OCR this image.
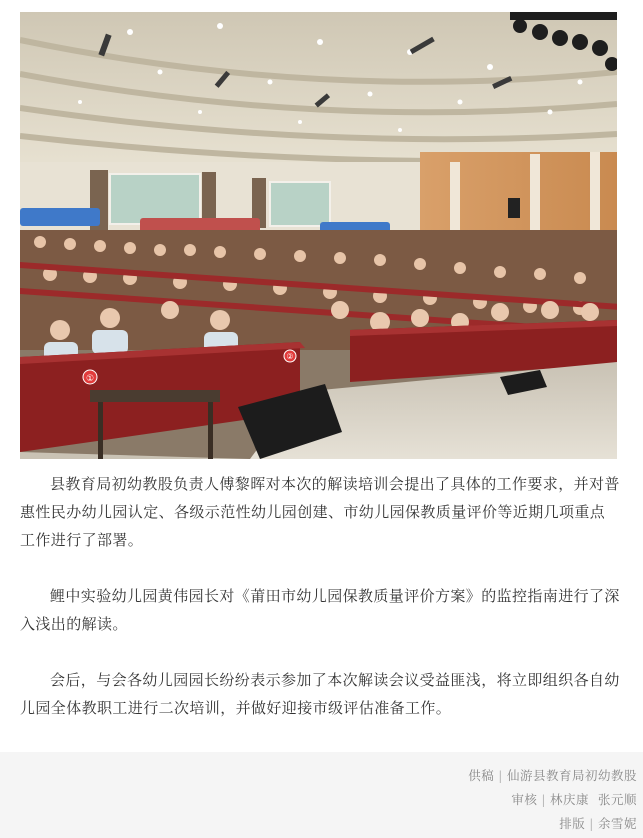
①
②

县教育局初幼教股负责人傅黎晖对本次的解读培训会提出了具体的工作要求，并对普惠性民办幼儿园认定、各级示范性幼儿园创建、市幼儿园保教质量评价等近期几项重点工作进行了部署。

鲤中实验幼儿园黄伟园长对《莆田市幼儿园保教质量评价方案》的监控指南进行了深入浅出的解读。

会后，与会各幼儿园园长纷纷表示参加了本次解读会议受益匪浅，将立即组织各自幼儿园全体教职工进行二次培训，并做好迎接市级评估准备工作。

供稿 | 仙游县教育局初幼教股
审核 | 林庆康  张元顺
排版 | 余雪妮
